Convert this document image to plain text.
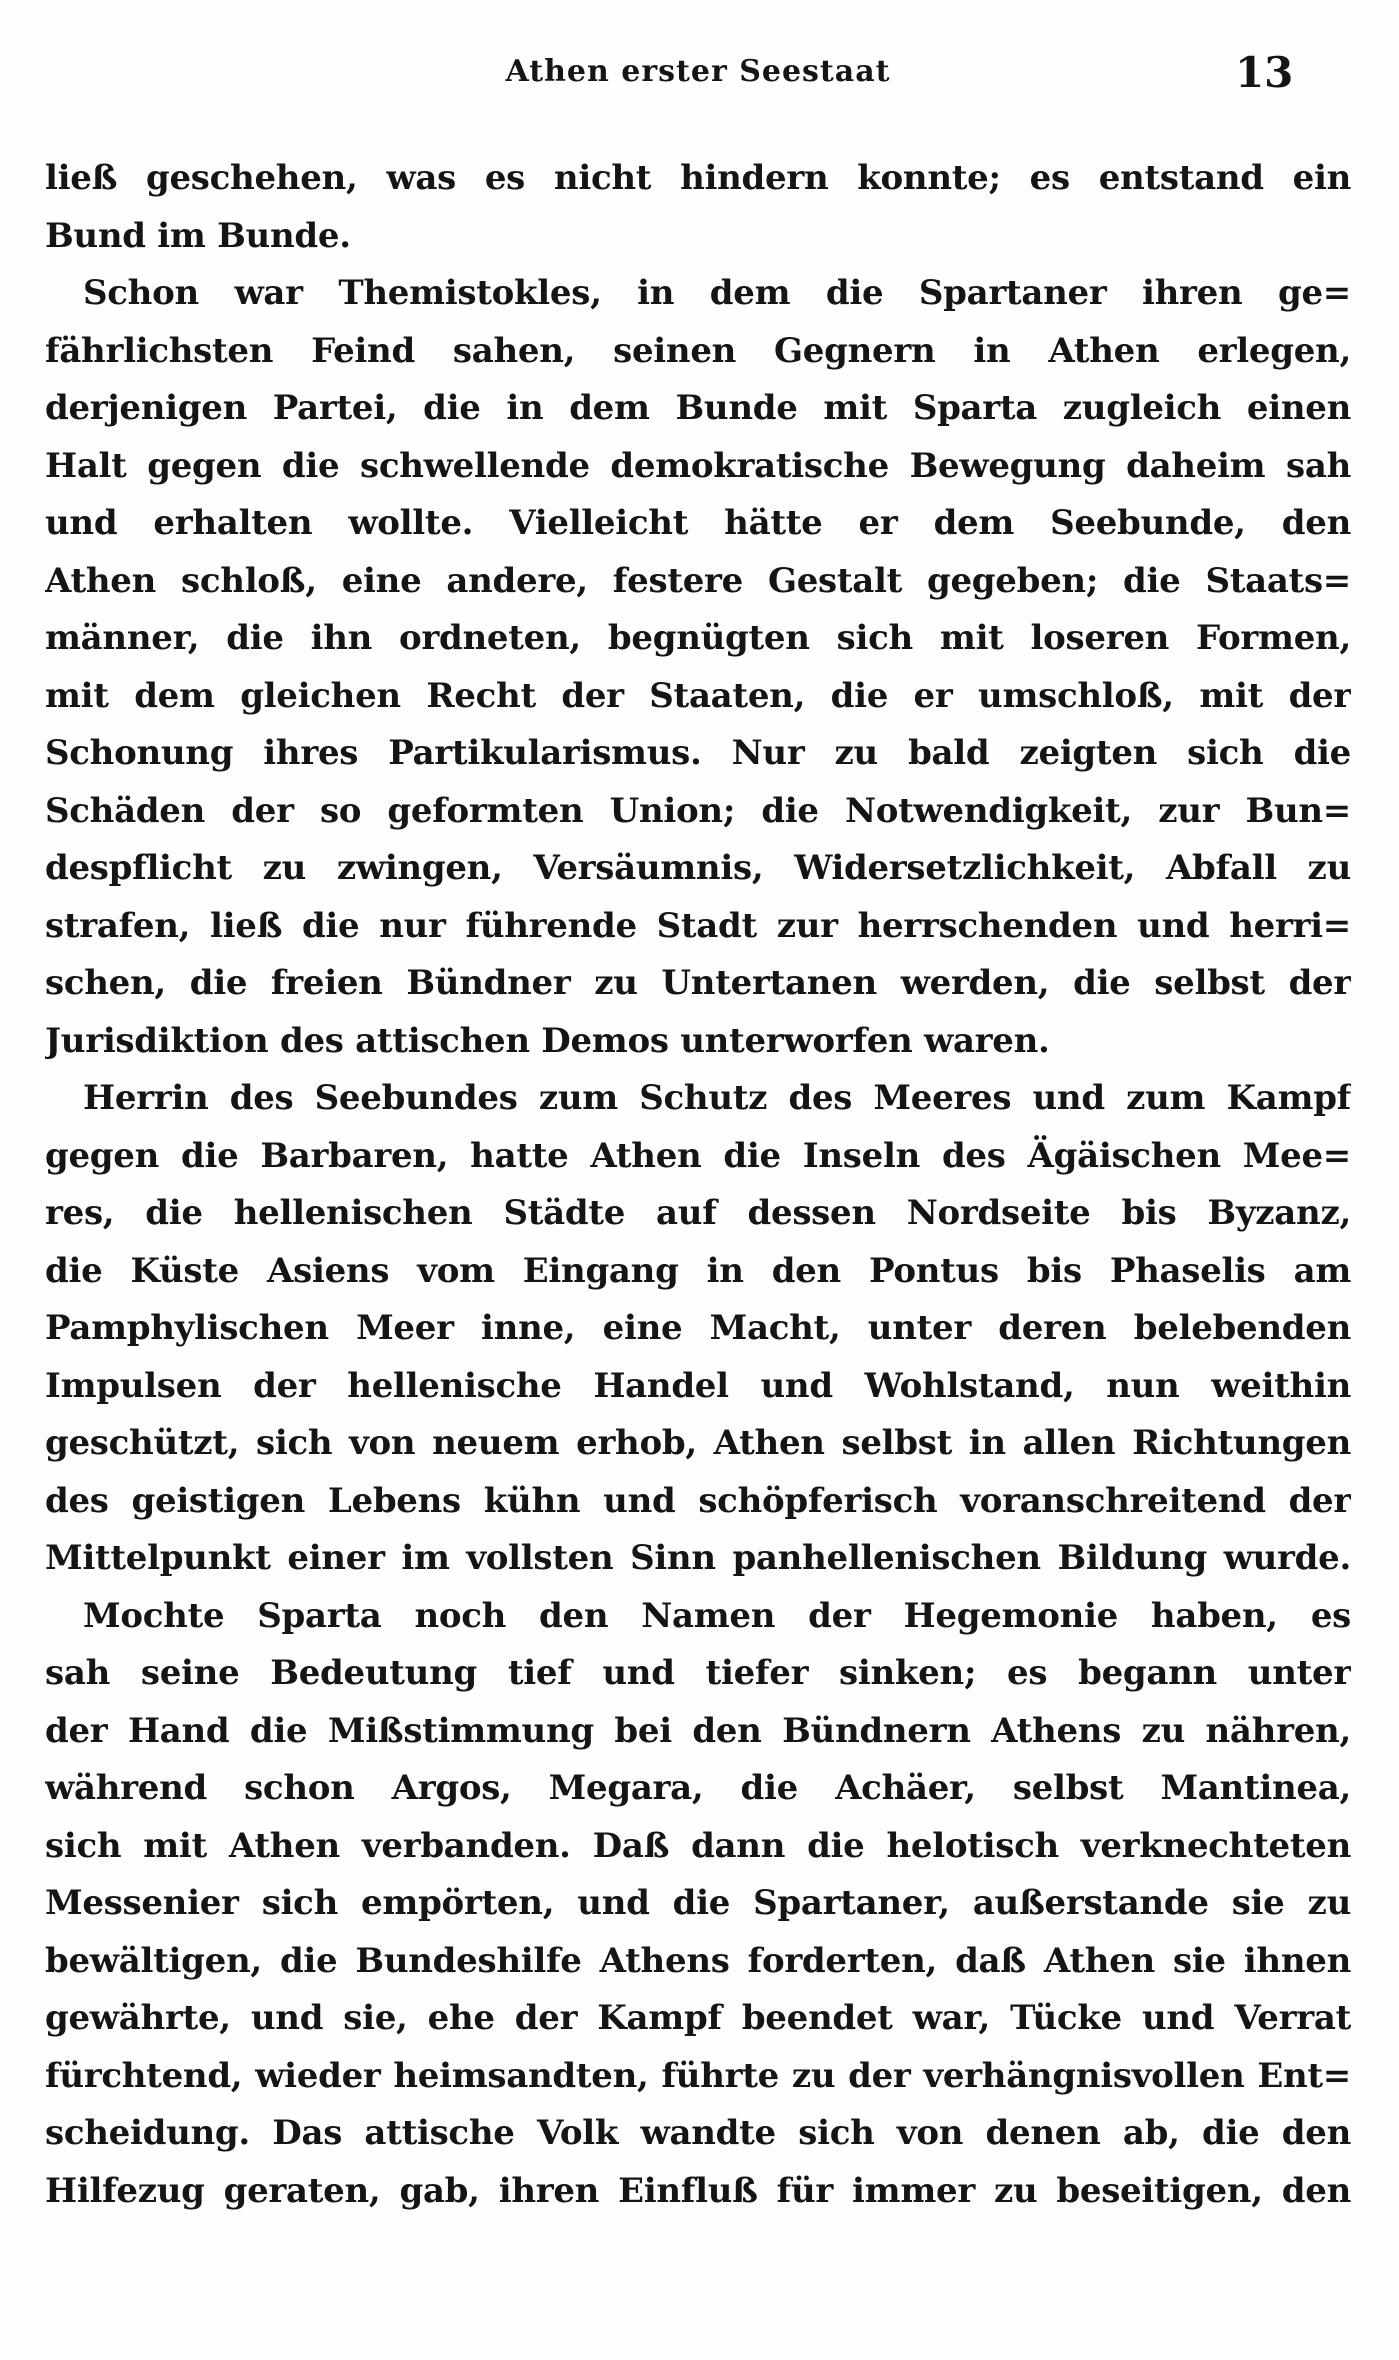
Athen erster Seestaat	13
ließ geschehen, was es nicht hindern konnte; es entstand ein
Bund im Bunde.
Schon war Themistokles, in dem die Spartaner ihren ge=
fährlichsten Feind sahen, seinen Gegnern in Athen erlegen,
derjenigen Partei, die in dem Bunde mit Sparta zugleich einen
Halt gegen die schwellende demokratische Bewegung daheim sah
und erhalten wollte. Vielleicht hätte er dem Seebunde, den
Athen schloß, eine andere, festere Gestalt gegeben; die Staats=
männer, die ihn ordneten, begnügten sich mit loseren Formen,
mit dem gleichen Recht der Staaten, die er umschloß, mit der
Schonung ihres Partikularismus. Nur zu bald zeigten sich die
Schäden der so geformten Union; die Notwendigkeit, zur Bun=
despflicht zu zwingen, Versäumnis, Widersetzlichkeit, Abfall zu
strafen, ließ die nur führende Stadt zur herrschenden und herri=
schen, die freien Bündner zu Untertanen werden, die selbst der
Jurisdiktion des attischen Demos unterworfen waren.
Herrin des Seebundes zum Schutz des Meeres und zum Kampf
gegen die Barbaren, hatte Athen die Inseln des Ägäischen Mee=
res, die hellenischen Städte auf dessen Nordseite bis Byzanz,
die Küste Asiens vom Eingang in den Pontus bis Phaselis am
Pamphylischen Meer inne, eine Macht, unter deren belebenden
Impulsen der hellenische Handel und Wohlstand, nun weithin
geschützt, sich von neuem erhob, Athen selbst in allen Richtungen
des geistigen Lebens kühn und schöpferisch voranschreitend der
Mittelpunkt einer im vollsten Sinn panhellenischen Bildung wurde.
Mochte Sparta noch den Namen der Hegemonie haben, es
sah seine Bedeutung tief und tiefer sinken; es begann unter
der Hand die Mißstimmung bei den Bündnern Athens zu nähren,
während schon Argos, Megara, die Achäer, selbst Mantinea,
sich mit Athen verbanden. Daß dann die helotisch verknechteten
Messenier sich empörten, und die Spartaner, außerstande sie zu
bewältigen, die Bundeshilfe Athens forderten, daß Athen sie ihnen
gewährte, und sie, ehe der Kampf beendet war, Tücke und Verrat
fürchtend, wieder heimsandten, führte zu der verhängnisvollen Ent=
scheidung. Das attische Volk wandte sich von denen ab, die den
Hilfezug geraten, gab, ihren Einfluß für immer zu beseitigen, den
